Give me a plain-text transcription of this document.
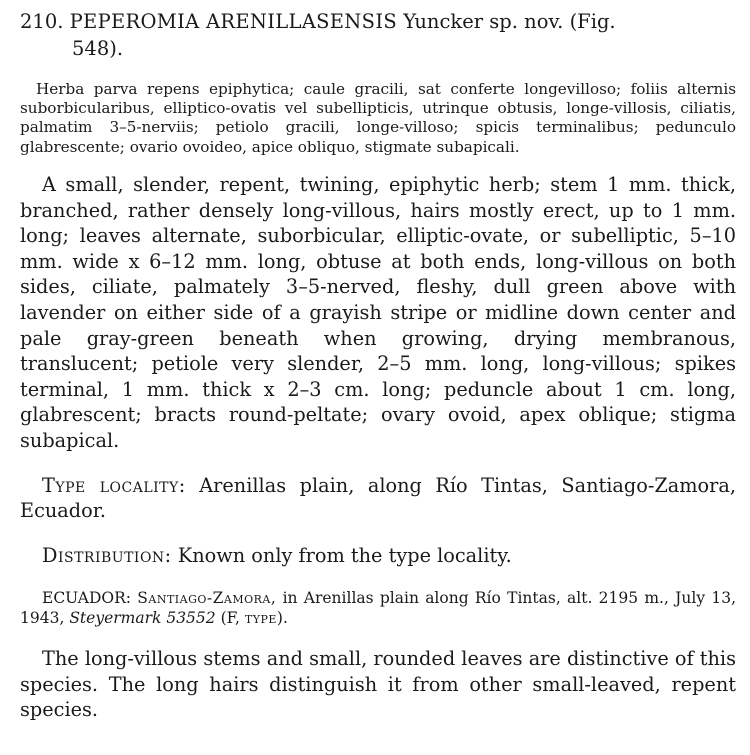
210. PEPEROMIA ARENILLASENSIS Yuncker sp. nov. (Fig.
548).

Herba parva repens epiphytica; caule gracili, sat conferte longevilloso; foliis alternis suborbicularibus, elliptico-ovatis vel subellipticis, utrinque obtusis, longe-villosis, ciliatis, palmatim 3–5-nerviis; petiolo gracili, longe-villoso; spicis terminalibus; pedunculo glabrescente; ovario ovoideo, apice obliquo, stigmate subapicali.

A small, slender, repent, twining, epiphytic herb; stem 1 mm. thick, branched, rather densely long-villous, hairs mostly erect, up to 1 mm. long; leaves alternate, suborbicular, elliptic-ovate, or subelliptic, 5–10 mm. wide x 6–12 mm. long, obtuse at both ends, long-villous on both sides, ciliate, palmately 3–5-nerved, fleshy, dull green above with lavender on either side of a grayish stripe or midline down center and pale gray-green beneath when growing, drying membranous, translucent; petiole very slender, 2–5 mm. long, long-villous; spikes terminal, 1 mm. thick x 2–3 cm. long; peduncle about 1 cm. long, glabrescent; bracts round-peltate; ovary ovoid, apex oblique; stigma subapical.

Type locality: Arenillas plain, along Río Tintas, Santiago-Zamora, Ecuador.

Distribution: Known only from the type locality.

ECUADOR: Santiago-Zamora, in Arenillas plain along Río Tintas, alt. 2195 m., July 13, 1943, Steyermark 53552 (F, type).

The long-villous stems and small, rounded leaves are distinctive of this species. The long hairs distinguish it from other small-leaved, repent species.
